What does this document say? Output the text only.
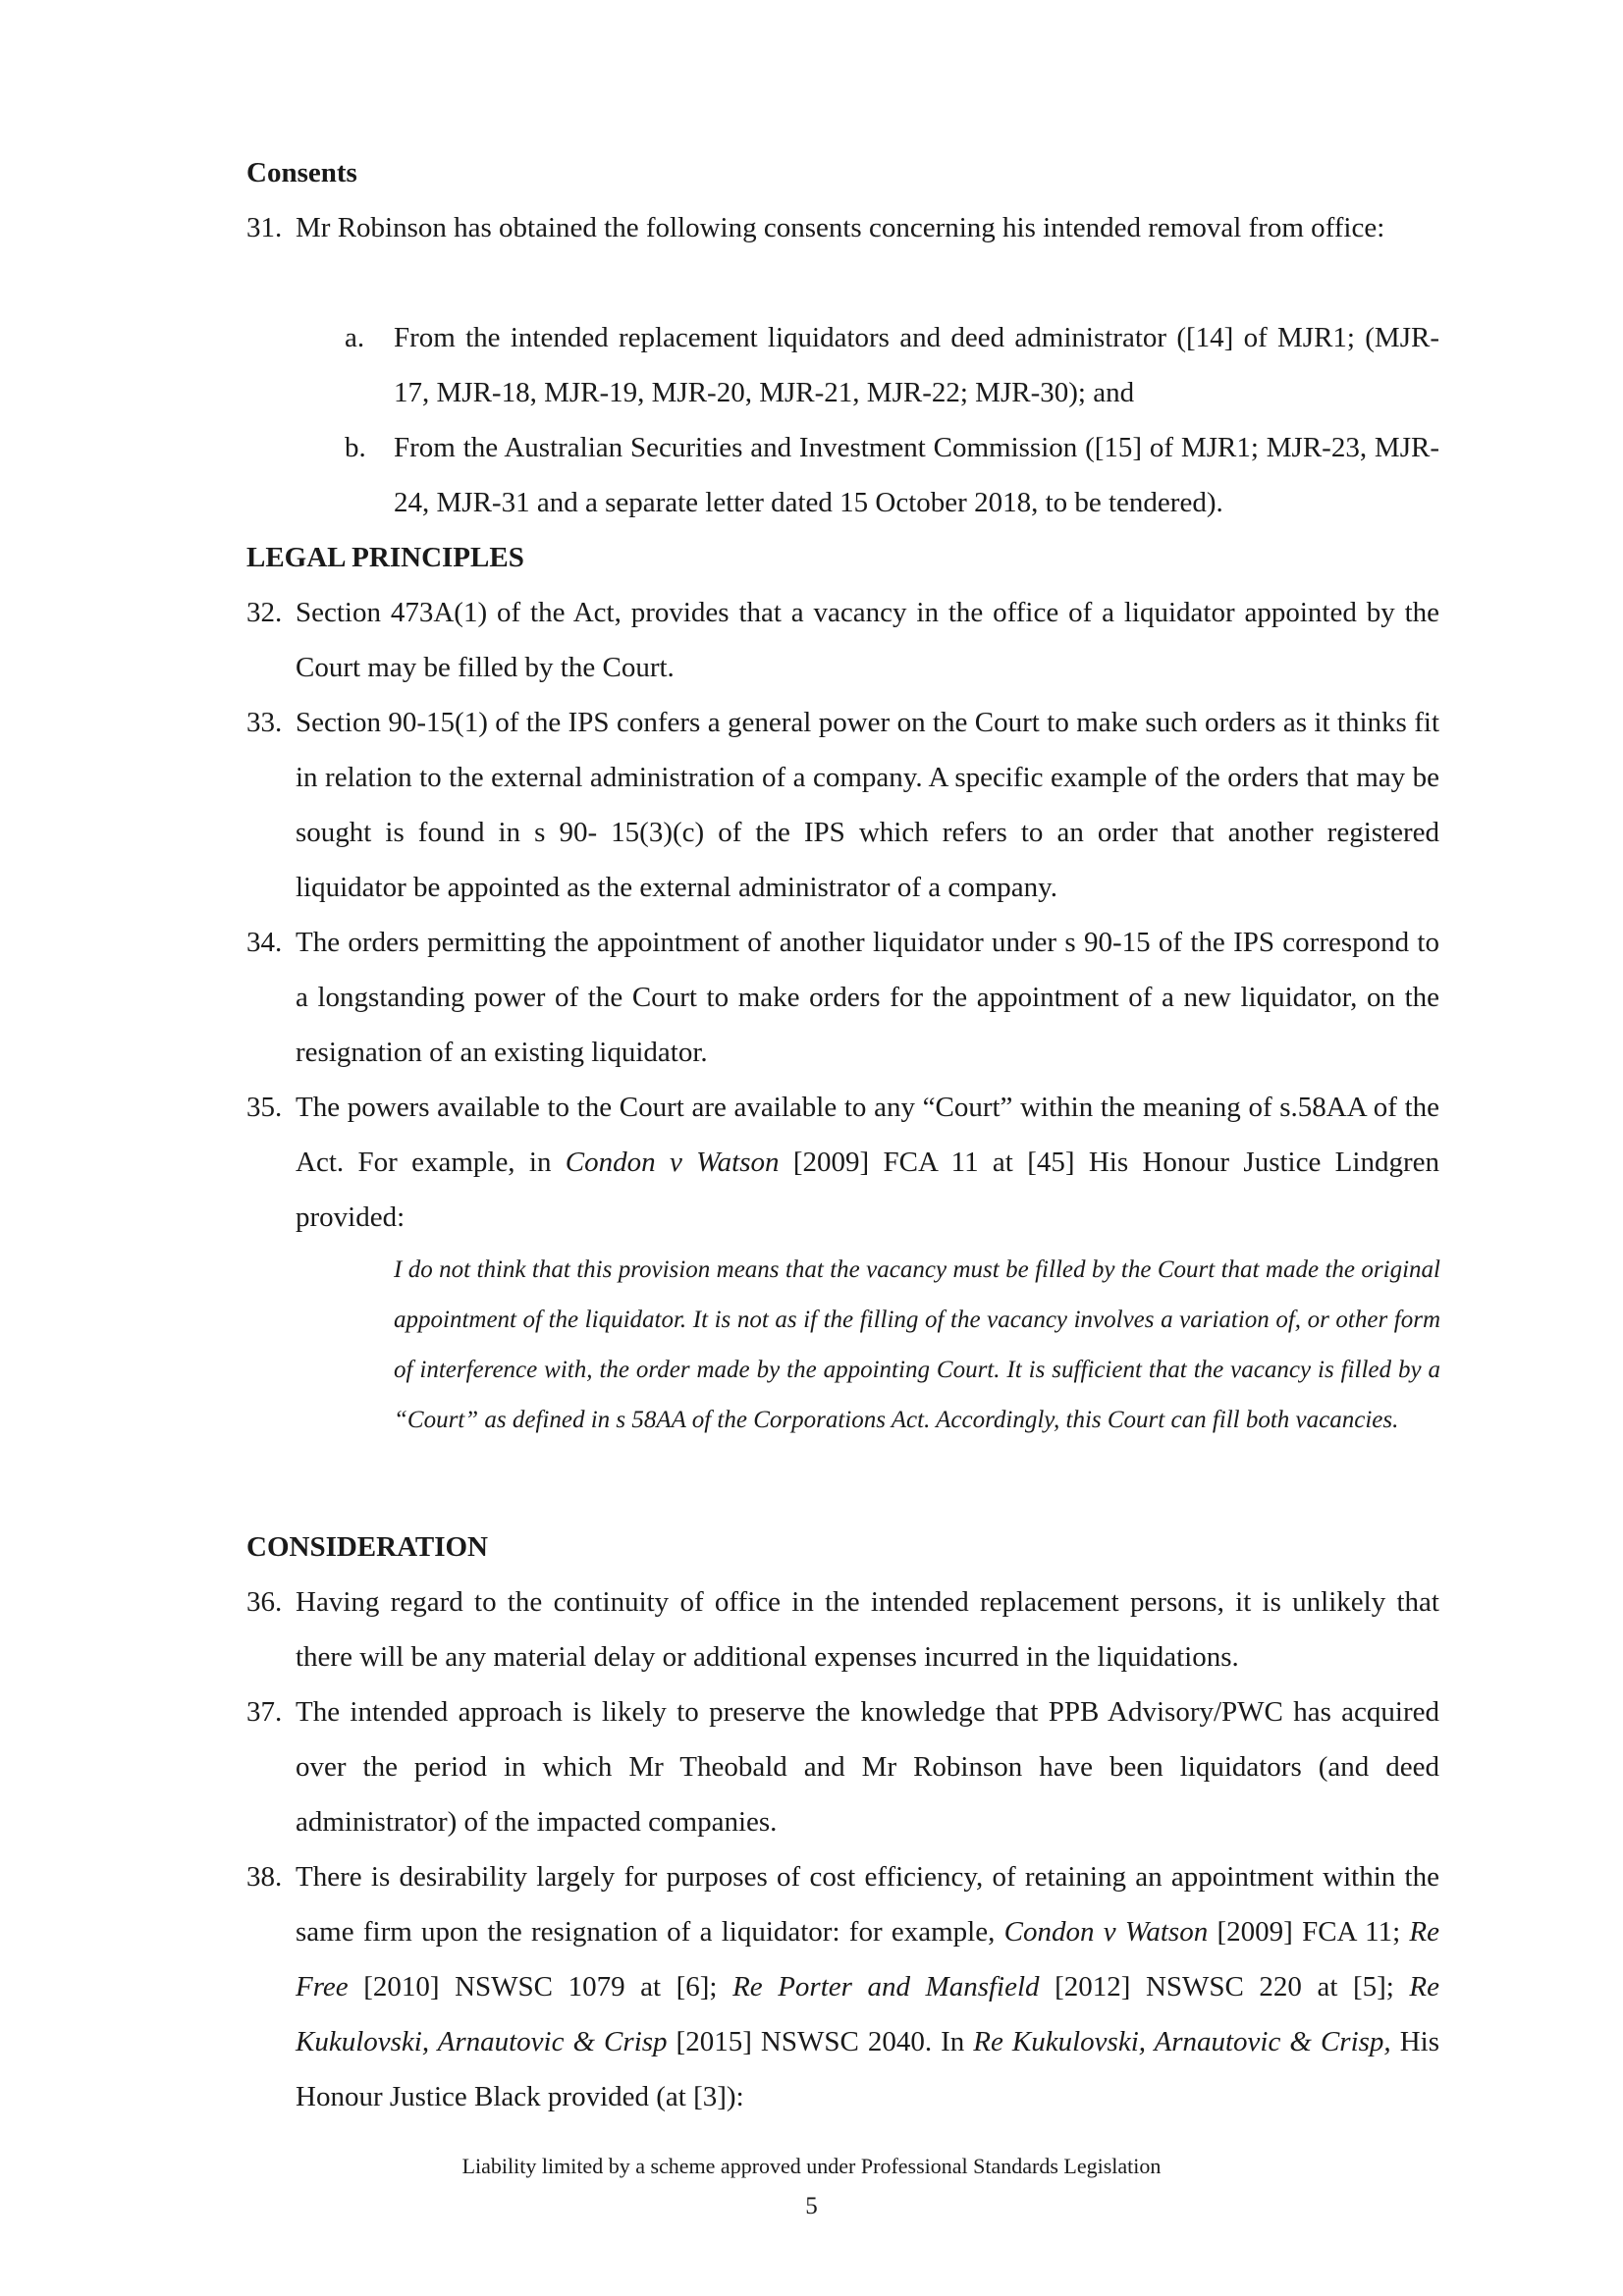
Consents
31. Mr Robinson has obtained the following consents concerning his intended removal from office:
a. From the intended replacement liquidators and deed administrator ([14] of MJR1; (MJR-17, MJR-18, MJR-19, MJR-20, MJR-21, MJR-22; MJR-30); and
b. From the Australian Securities and Investment Commission ([15] of MJR1; MJR-23, MJR-24, MJR-31 and a separate letter dated 15 October 2018, to be tendered).
LEGAL PRINCIPLES
32. Section 473A(1) of the Act, provides that a vacancy in the office of a liquidator appointed by the Court may be filled by the Court.
33. Section 90-15(1) of the IPS confers a general power on the Court to make such orders as it thinks fit in relation to the external administration of a company. A specific example of the orders that may be sought is found in s 90- 15(3)(c) of the IPS which refers to an order that another registered liquidator be appointed as the external administrator of a company.
34. The orders permitting the appointment of another liquidator under s 90-15 of the IPS correspond to a longstanding power of the Court to make orders for the appointment of a new liquidator, on the resignation of an existing liquidator.
35. The powers available to the Court are available to any “Court” within the meaning of s.58AA of the Act. For example, in Condon v Watson [2009] FCA 11 at [45] His Honour Justice Lindgren provided:
I do not think that this provision means that the vacancy must be filled by the Court that made the original appointment of the liquidator. It is not as if the filling of the vacancy involves a variation of, or other form of interference with, the order made by the appointing Court. It is sufficient that the vacancy is filled by a “Court” as defined in s 58AA of the Corporations Act. Accordingly, this Court can fill both vacancies.
CONSIDERATION
36. Having regard to the continuity of office in the intended replacement persons, it is unlikely that there will be any material delay or additional expenses incurred in the liquidations.
37. The intended approach is likely to preserve the knowledge that PPB Advisory/PWC has acquired over the period in which Mr Theobald and Mr Robinson have been liquidators (and deed administrator) of the impacted companies.
38. There is desirability largely for purposes of cost efficiency, of retaining an appointment within the same firm upon the resignation of a liquidator: for example, Condon v Watson [2009] FCA 11; Re Free [2010] NSWSC 1079 at [6]; Re Porter and Mansfield [2012] NSWSC 220 at [5]; Re Kukulovski, Arnautovic & Crisp [2015] NSWSC 2040. In Re Kukulovski, Arnautovic & Crisp, His Honour Justice Black provided (at [3]):
Liability limited by a scheme approved under Professional Standards Legislation
5
